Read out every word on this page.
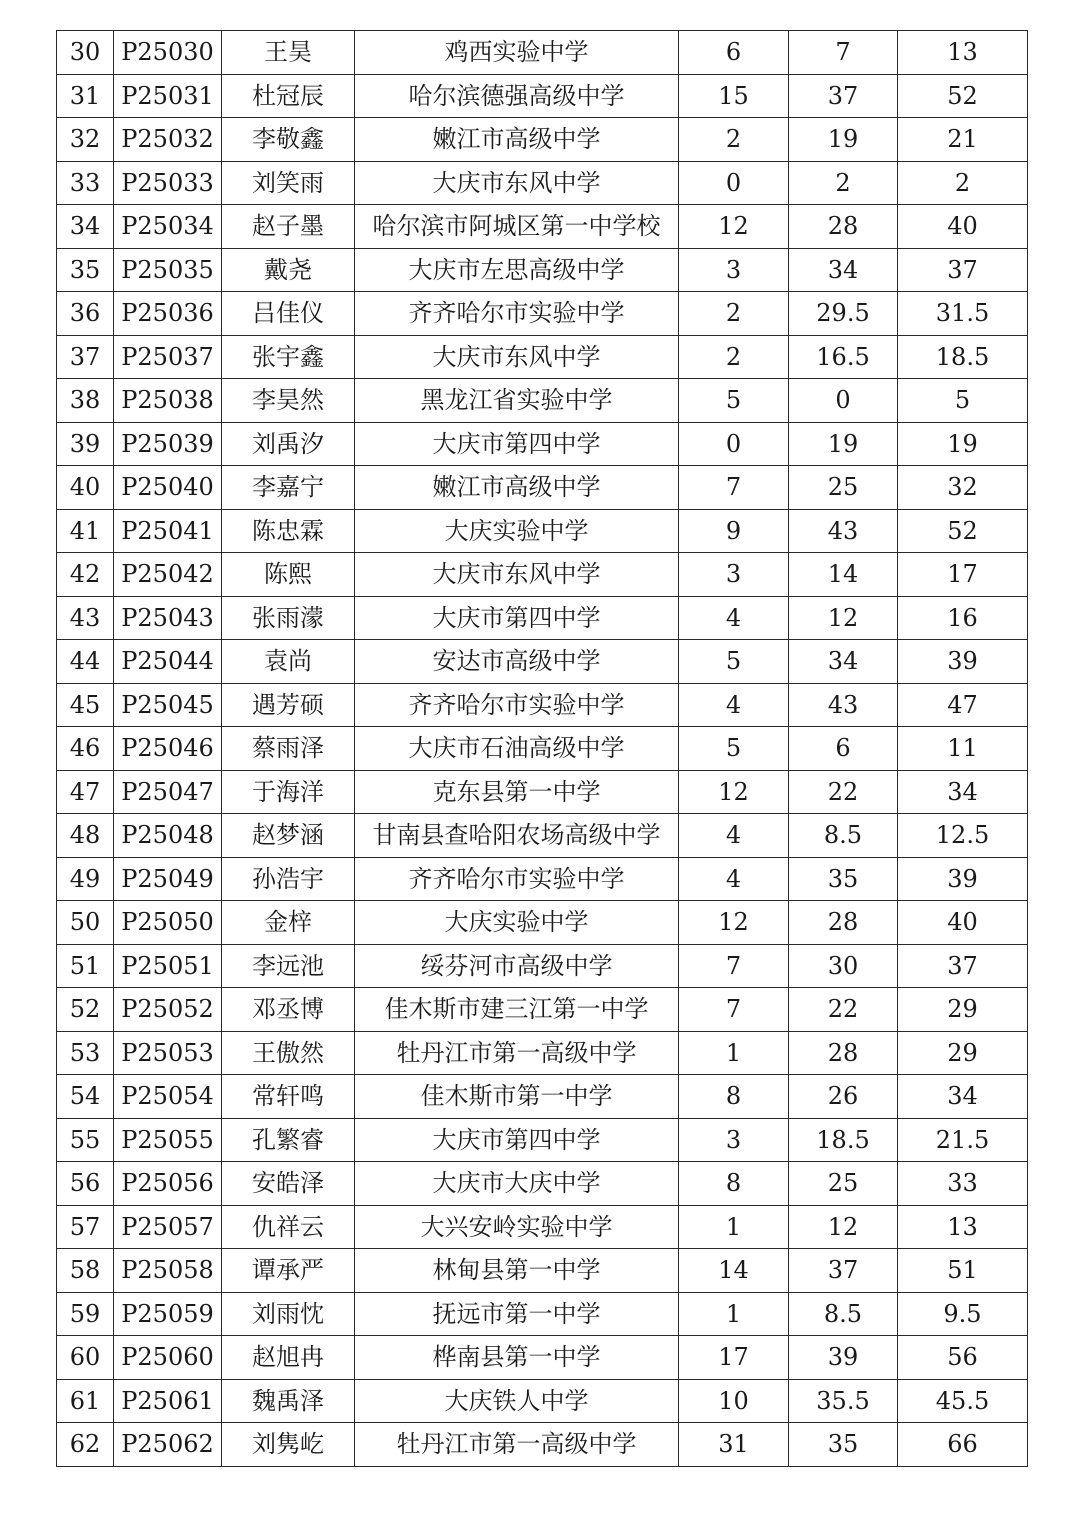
30	P25030	王昊	鸡西实验中学	6	7	13
31	P25031	杜冠辰	哈尔滨德强高级中学	15	37	52
32	P25032	李敬鑫	嫩江市高级中学	2	19	21
33	P25033	刘笑雨	大庆市东风中学	0	2	2
34	P25034	赵子墨	哈尔滨市阿城区第一中学校	12	28	40
35	P25035	戴尧	大庆市左思高级中学	3	34	37
36	P25036	吕佳仪	齐齐哈尔市实验中学	2	29.5	31.5
37	P25037	张宇鑫	大庆市东风中学	2	16.5	18.5
38	P25038	李昊然	黑龙江省实验中学	5	0	5
39	P25039	刘禹汐	大庆市第四中学	0	19	19
40	P25040	李嘉宁	嫩江市高级中学	7	25	32
41	P25041	陈忠霖	大庆实验中学	9	43	52
42	P25042	陈熙	大庆市东风中学	3	14	17
43	P25043	张雨濛	大庆市第四中学	4	12	16
44	P25044	袁尚	安达市高级中学	5	34	39
45	P25045	遇芳硕	齐齐哈尔市实验中学	4	43	47
46	P25046	蔡雨泽	大庆市石油高级中学	5	6	11
47	P25047	于海洋	克东县第一中学	12	22	34
48	P25048	赵梦涵	甘南县查哈阳农场高级中学	4	8.5	12.5
49	P25049	孙浩宇	齐齐哈尔市实验中学	4	35	39
50	P25050	金梓	大庆实验中学	12	28	40
51	P25051	李远池	绥芬河市高级中学	7	30	37
52	P25052	邓丞博	佳木斯市建三江第一中学	7	22	29
53	P25053	王傲然	牡丹江市第一高级中学	1	28	29
54	P25054	常轩鸣	佳木斯市第一中学	8	26	34
55	P25055	孔繁睿	大庆市第四中学	3	18.5	21.5
56	P25056	安皓泽	大庆市大庆中学	8	25	33
57	P25057	仇祥云	大兴安岭实验中学	1	12	13
58	P25058	谭承严	林甸县第一中学	14	37	51
59	P25059	刘雨忱	抚远市第一中学	1	8.5	9.5
60	P25060	赵旭冉	桦南县第一中学	17	39	56
61	P25061	魏禹泽	大庆铁人中学	10	35.5	45.5
62	P25062	刘隽屹	牡丹江市第一高级中学	31	35	66
